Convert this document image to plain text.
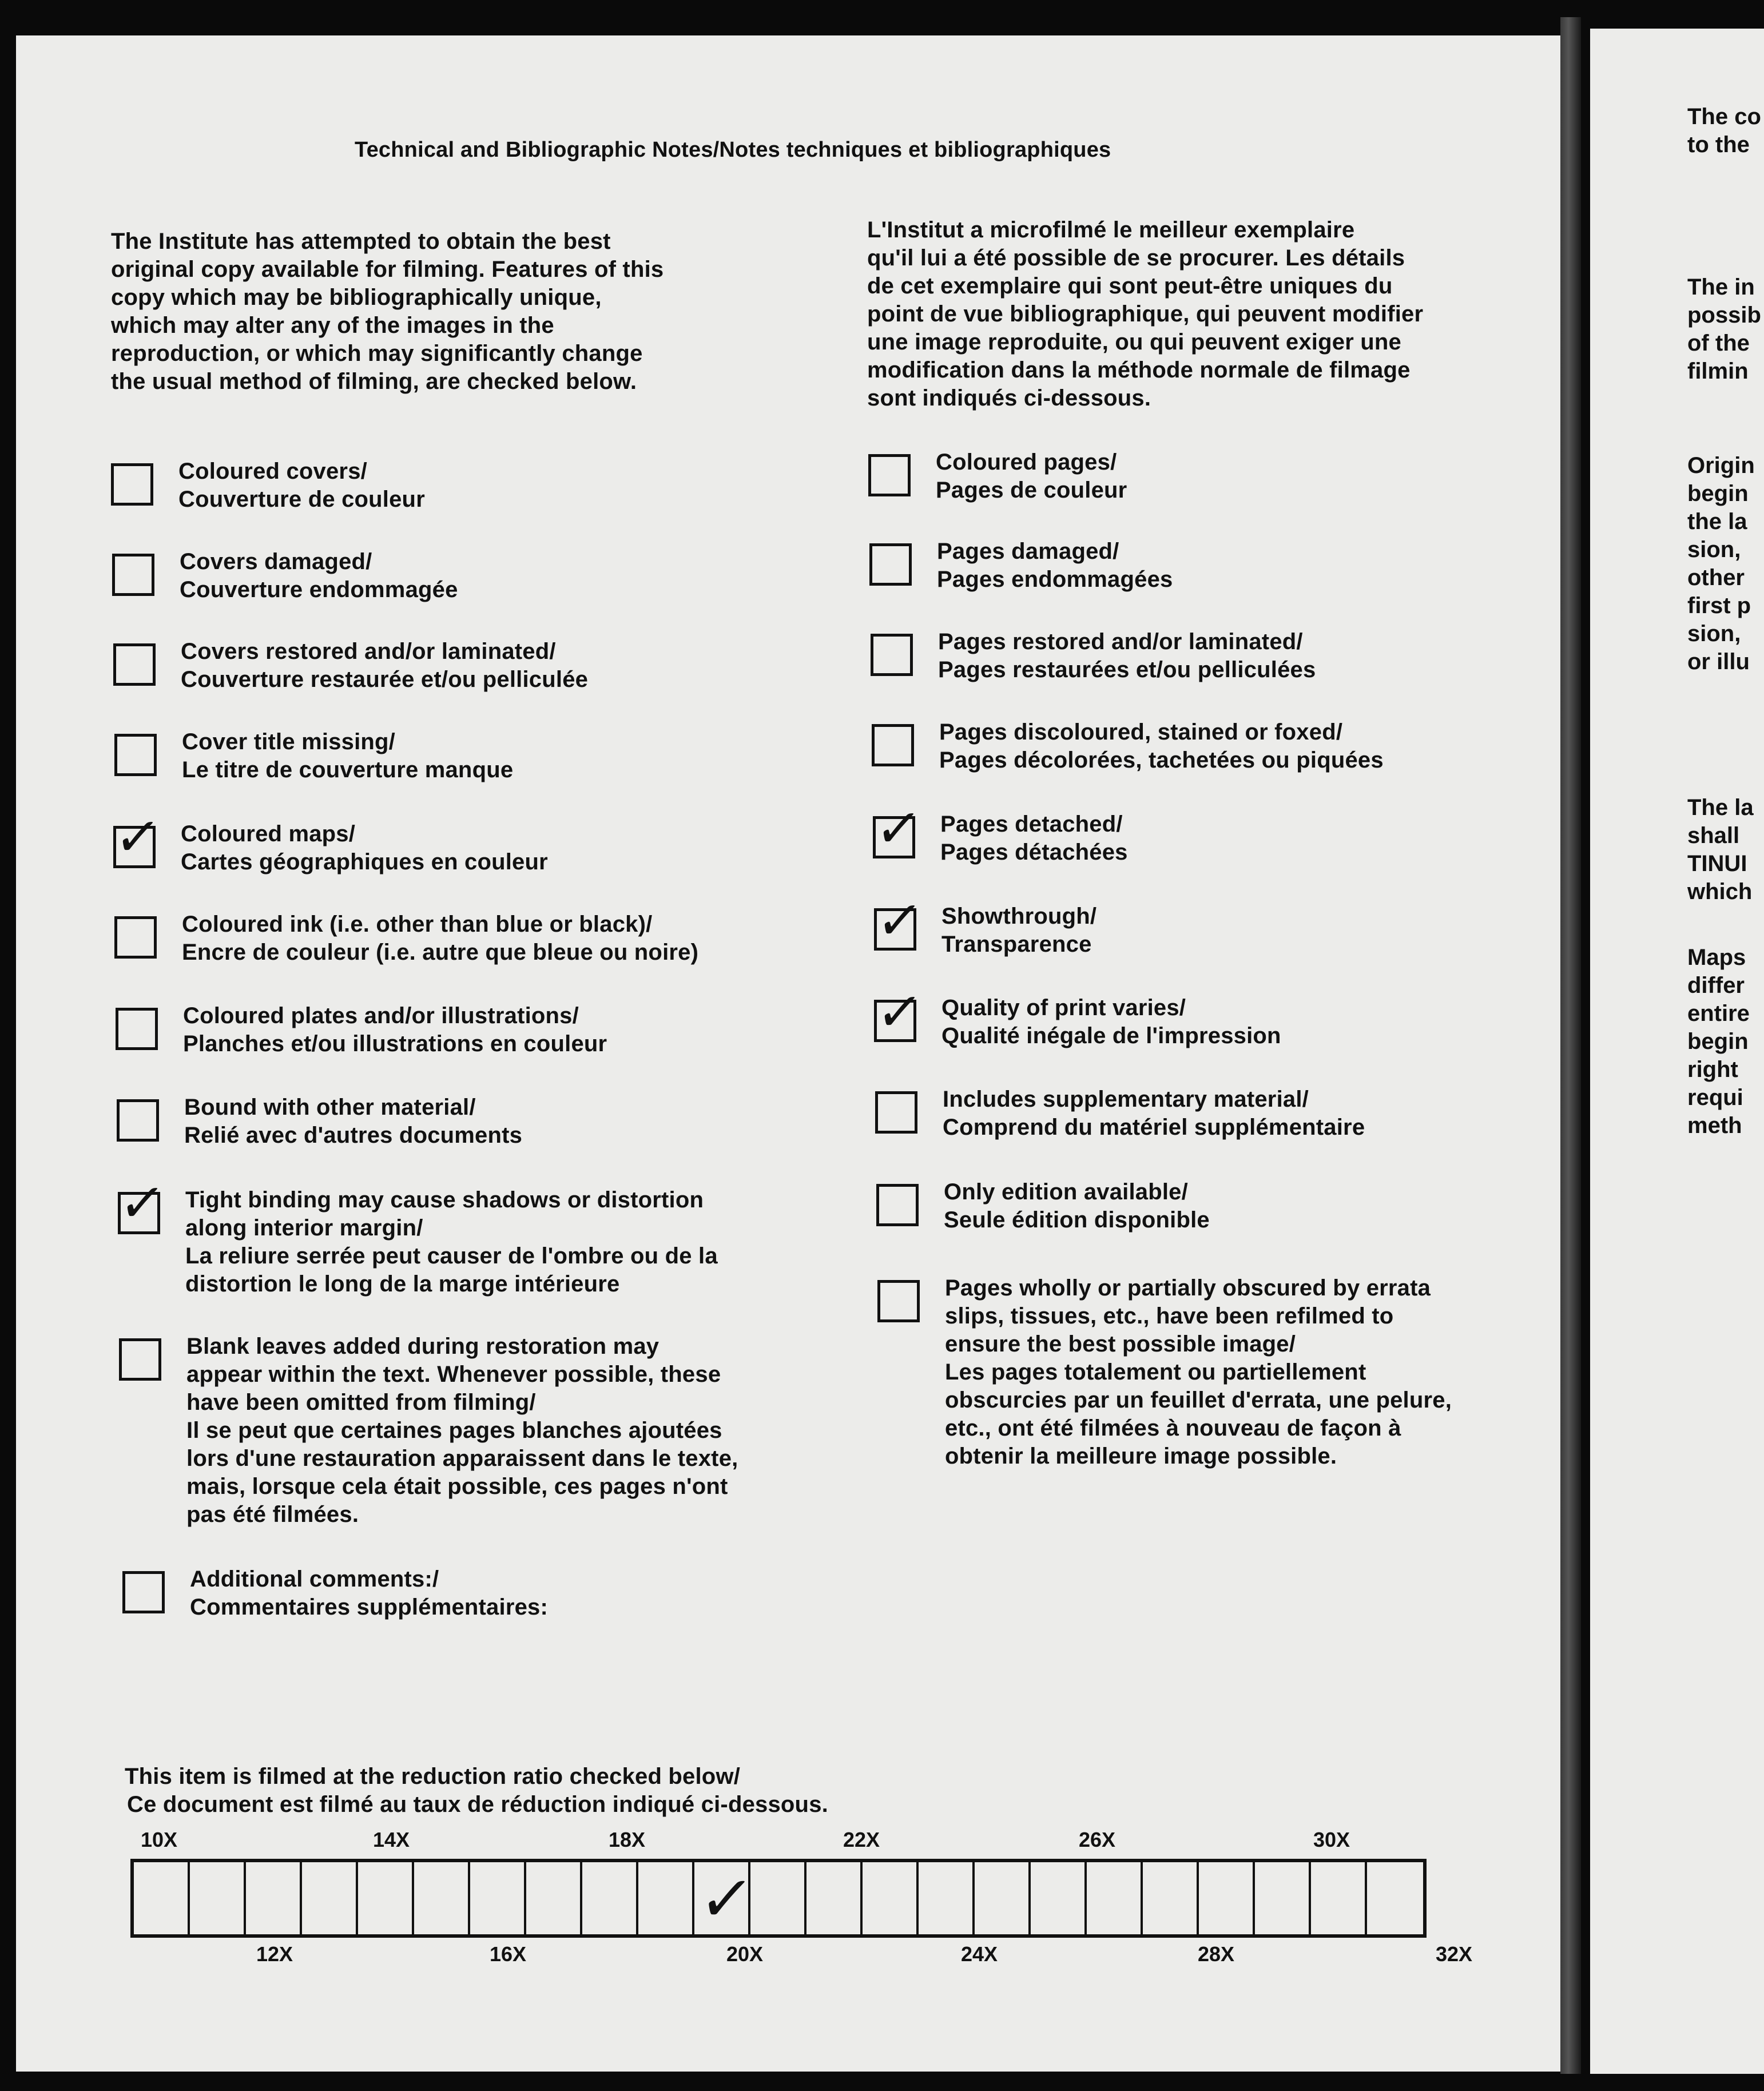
Technical and Bibliographic Notes/Notes techniques et bibliographiques
The Institute has attempted to obtain the best
original copy available for filming. Features of this
copy which may be bibliographically unique,
which may alter any of the images in the
reproduction, or which may significantly change
the usual method of filming, are checked below.
L'Institut a microfilmé le meilleur exemplaire
qu'il lui a été possible de se procurer. Les détails
de cet exemplaire qui sont peut-être uniques du
point de vue bibliographique, qui peuvent modifier
une image reproduite, ou qui peuvent exiger une
modification dans la méthode normale de filmage
sont indiqués ci-dessous.
Coloured covers/
Couverture de couleur
Covers damaged/
Couverture endommagée
Covers restored and/or laminated/
Couverture restaurée et/ou pelliculée
Cover title missing/
Le titre de couverture manque
✓ Coloured maps/
Cartes géographiques en couleur
Coloured ink (i.e. other than blue or black)/
Encre de couleur (i.e. autre que bleue ou noire)
Coloured plates and/or illustrations/
Planches et/ou illustrations en couleur
Bound with other material/
Relié avec d'autres documents
✓ Tight binding may cause shadows or distortion
along interior margin/
La reliure serrée peut causer de l'ombre ou de la
distortion le long de la marge intérieure
Blank leaves added during restoration may
appear within the text. Whenever possible, these
have been omitted from filming/
Il se peut que certaines pages blanches ajoutées
lors d'une restauration apparaissent dans le texte,
mais, lorsque cela était possible, ces pages n'ont
pas été filmées.
Additional comments:/
Commentaires supplémentaires:
Coloured pages/
Pages de couleur
Pages damaged/
Pages endommagées
Pages restored and/or laminated/
Pages restaurées et/ou pelliculées
Pages discoloured, stained or foxed/
Pages décolorées, tachetées ou piquées
✓ Pages detached/
Pages détachées
✓ Showthrough/
Transparence
✓ Quality of print varies/
Qualité inégale de l'impression
Includes supplementary material/
Comprend du matériel supplémentaire
Only edition available/
Seule édition disponible
Pages wholly or partially obscured by errata
slips, tissues, etc., have been refilmed to
ensure the best possible image/
Les pages totalement ou partiellement
obscurcies par un feuillet d'errata, une pelure,
etc., ont été filmées à nouveau de façon à
obtenir la meilleure image possible.
This item is filmed at the reduction ratio checked below/
Ce document est filmé au taux de réduction indiqué ci-dessous.
✓
10X	14X	18X	22X	26X	30X
12X	16X	20X	24X	28X	32X
The co
to the
The in
possib
of the
filmin
Origin
begin
the la
sion,
other
first p
sion,
or illu
The la
shall
TINUI
which
Maps
differ
entire
begin
right
requi
meth
